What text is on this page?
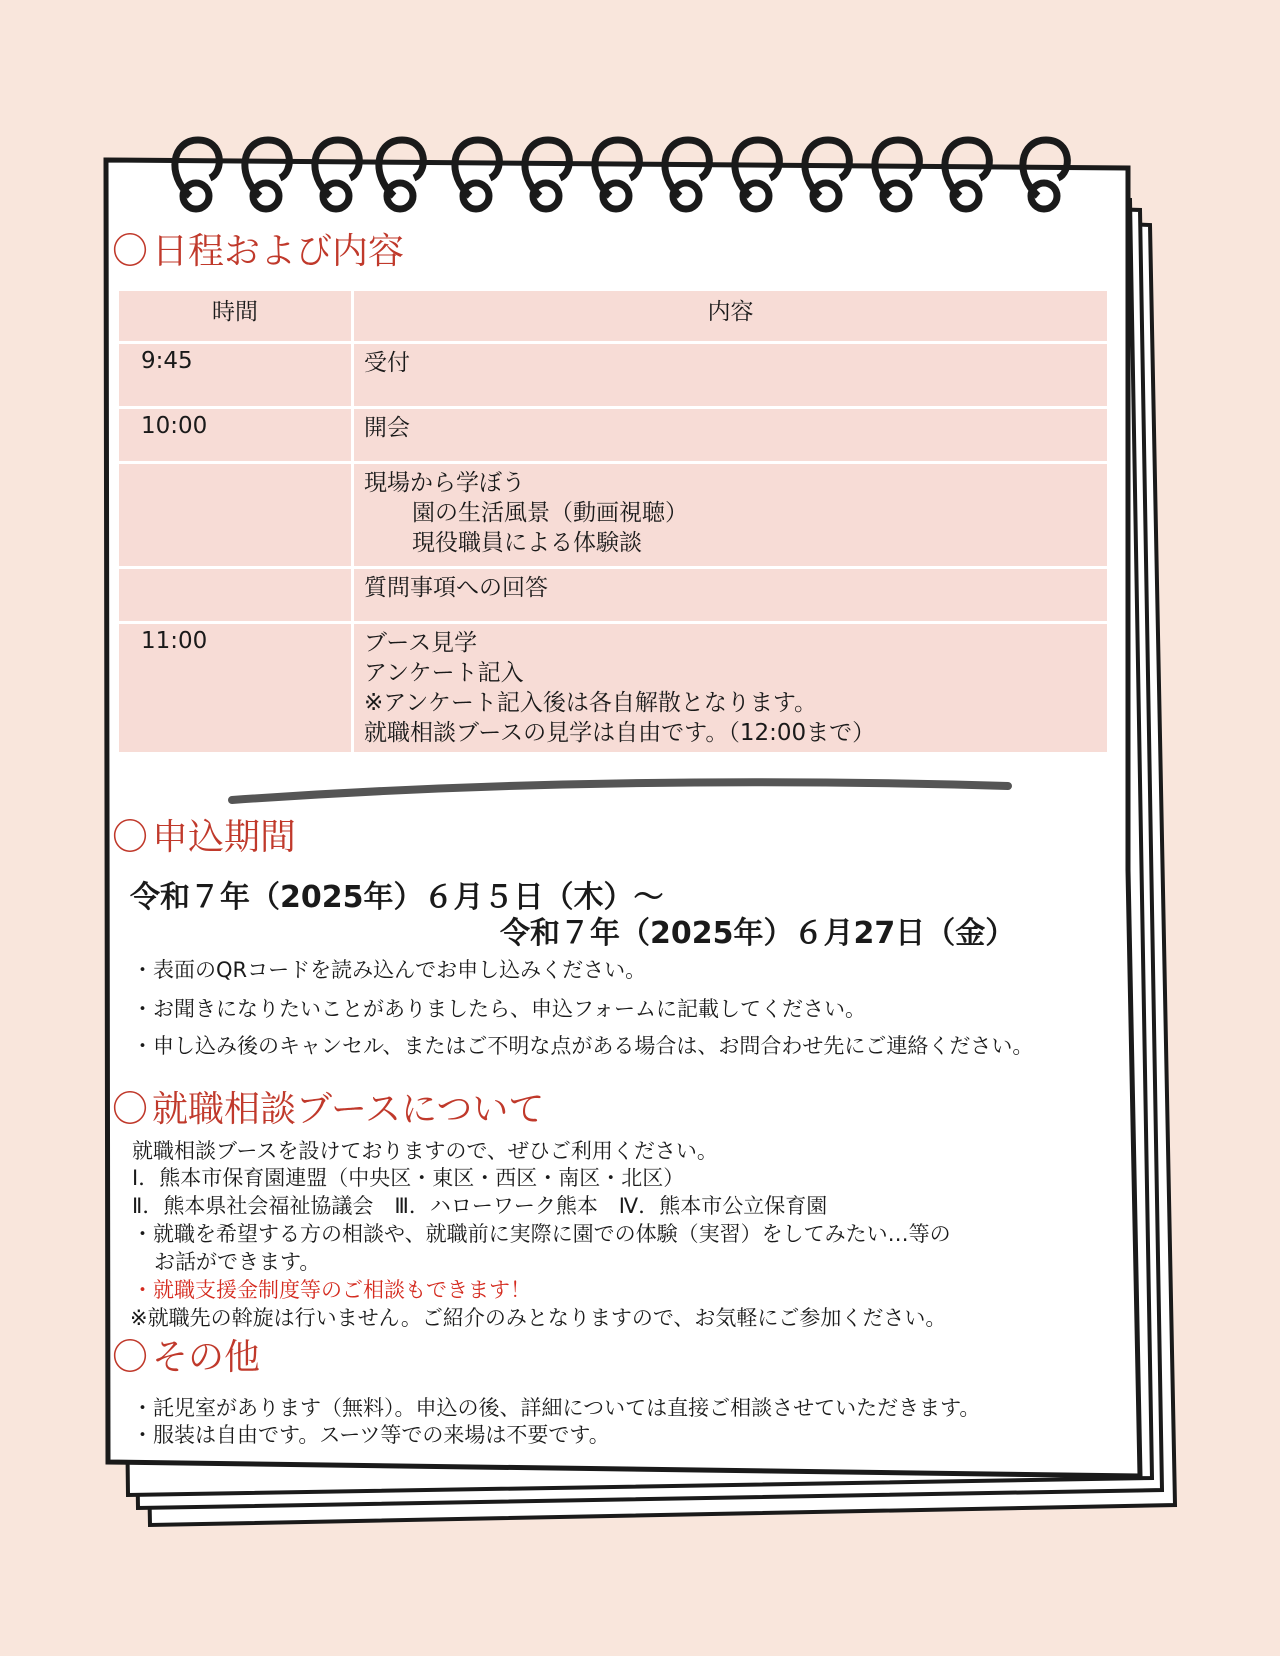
〇 日程および内容
時間	内容
9:45	受付

10:00	開会

	現場から学ぼう
園の生活風景（動画視聴）
現役職員による体験談

	質問事項への回答

11:00	ブース見学
アンケート記入
※アンケート記入後は各自解散となります。
就職相談ブースの見学は自由です。（12:00まで）
〇 申込期間
令和７年（2025年）６月５日（木）～
令和７年（2025年）６月27日（金）
・表面のQRコードを読み込んでお申し込みください。
・お聞きになりたいことがありましたら、申込フォームに記載してください。
・申し込み後のキャンセル、またはご不明な点がある場合は、お問合わせ先にご連絡ください。
〇 就職相談ブースについて
就職相談ブースを設けておりますので、ぜひご利用ください。
Ⅰ．熊本市保育園連盟（中央区・東区・西区・南区・北区）
Ⅱ．熊本県社会福祉協議会　Ⅲ．ハローワーク熊本　Ⅳ．熊本市公立保育園
・就職を希望する方の相談や、就職前に実際に園での体験（実習）をしてみたい…等の
お話ができます。
・就職支援金制度等のご相談もできます！
※就職先の斡旋は行いません。ご紹介のみとなりますので、お気軽にご参加ください。
〇 その他
・託児室があります（無料）。申込の後、詳細については直接ご相談させていただきます。
・服装は自由です。スーツ等での来場は不要です。
